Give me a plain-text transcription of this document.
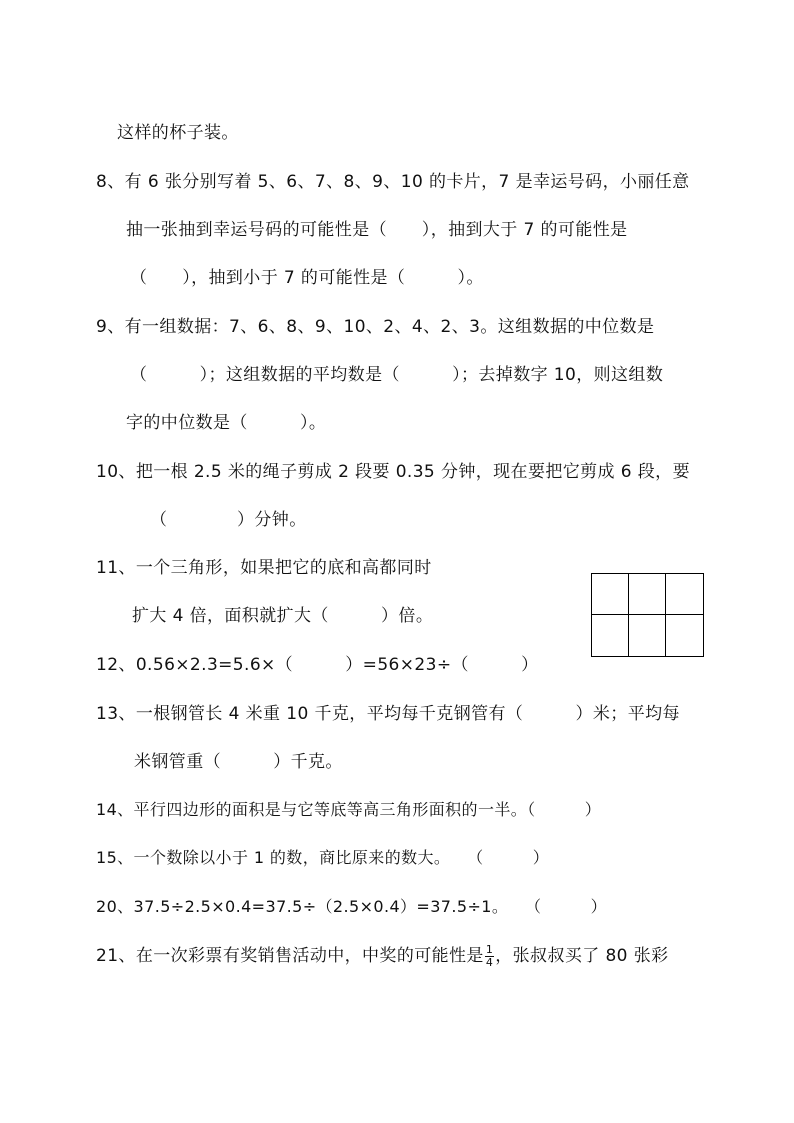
这样的杯子装。
8、有 6 张分别写着 5、6、7、8、9、10 的卡片，7 是幸运号码，小丽任意
抽一张抽到幸运号码的可能性是（　　），抽到大于 7 的可能性是
（　　），抽到小于 7 的可能性是（　　　）。
9、有一组数据：7、6、8、9、10、2、4、2、3。这组数据的中位数是
（　　　）；这组数据的平均数是（　　　）；去掉数字 10，则这组数
字的中位数是（　　　）。
10、把一根 2.5 米的绳子剪成 2 段要 0.35 分钟，现在要把它剪成 6 段，要
（　　　　）分钟。
11、一个三角形，如果把它的底和高都同时
扩大 4 倍，面积就扩大（　　　）倍。
12、0.56×2.3=5.6×（　　　）=56×23÷（　　　）
13、一根钢管长 4 米重 10 千克，平均每千克钢管有（　　　）米；平均每
米钢管重（　　　）千克。
14、平行四边形的面积是与它等底等高三角形面积的一半。（　　　）
15、一个数除以小于 1 的数，商比原来的数大。　　（　　　）
20、37.5÷2.5×0.4=37.5÷（2.5×0.4）=37.5÷1。　　（　　　）
21、在一次彩票有奖销售活动中，中奖的可能性是 $\frac{1}{4}$ ，张叔叔买了 80 张彩
